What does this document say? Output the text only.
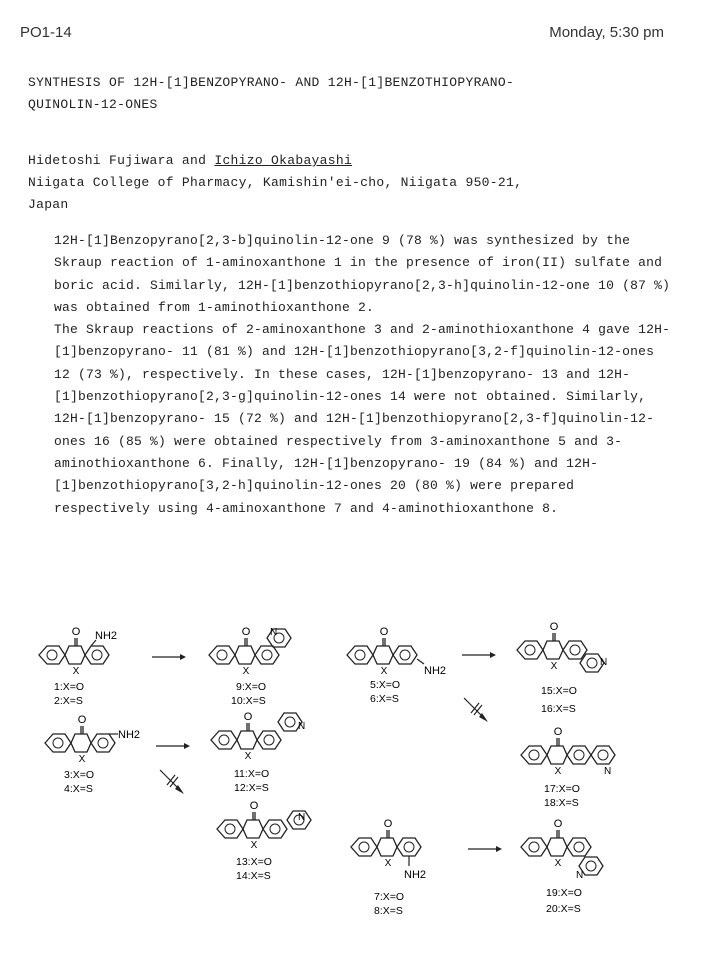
PO1-14	Monday, 5:30 pm
SYNTHESIS OF 12H-[1]BENZOPYRANO- AND 12H-[1]BENZOTHIOPYRANO-
QUINOLIN-12-ONES
Hidetoshi Fujiwara and Ichizo Okabayashi
Niigata College of Pharmacy, Kamishin'ei-cho, Niigata 950-21,
Japan

12H-[1]Benzopyrano[2,3-b]quinolin-12-one 9 (78 %) was synthesized by the Skraup reaction of 1-aminoxanthone 1 in the presence of iron(II) sulfate and boric acid. Similarly, 12H-[1]benzothiopyrano[2,3-h]quinolin-12-one 10 (87 %) was obtained from 1-aminothioxanthone 2.

The Skraup reactions of 2-aminoxanthone 3 and 2-aminothioxanthone 4 gave 12H-[1]benzopyrano- 11 (81 %) and 12H-[1]benzothiopyrano[3,2-f]quinolin-12-ones 12 (73 %), respectively. In these cases, 12H-[1]benzopyrano- 13 and 12H-[1]benzothiopyrano[2,3-g]quinolin-12-ones 14 were not obtained. Similarly, 12H-[1]benzopyrano- 15 (72 %) and 12H-[1]benzothiopyrano[2,3-f]quinolin-12-ones 16 (85 %) were obtained respectively from 3-aminoxanthone 5 and 3-aminothioxanthone 6. Finally, 12H-[1]benzopyrano- 19 (84 %) and 12H-[1]benzothiopyrano[3,2-h]quinolin-12-ones 20 (80 %) were prepared respectively using 4-aminoxanthone 7 and 4-aminothioxanthone 8.

O
X
NH2
1:X=O
2:X=S
O
X
N
9:X=O
10:X=S
O
X	NH2
5:X=O
6:X=S
O
X	N
15:X=O
16:X=S
O
X
NH2
3:X=O
4:X=S
O
X
N
11:X=O
12:X=S
O
X	N
17:X=O
18:X=S
O
X
N
13:X=O
14:X=S
O
X
NH2
7:X=O
8:X=S
O
X
N
19:X=O
20:X=S
